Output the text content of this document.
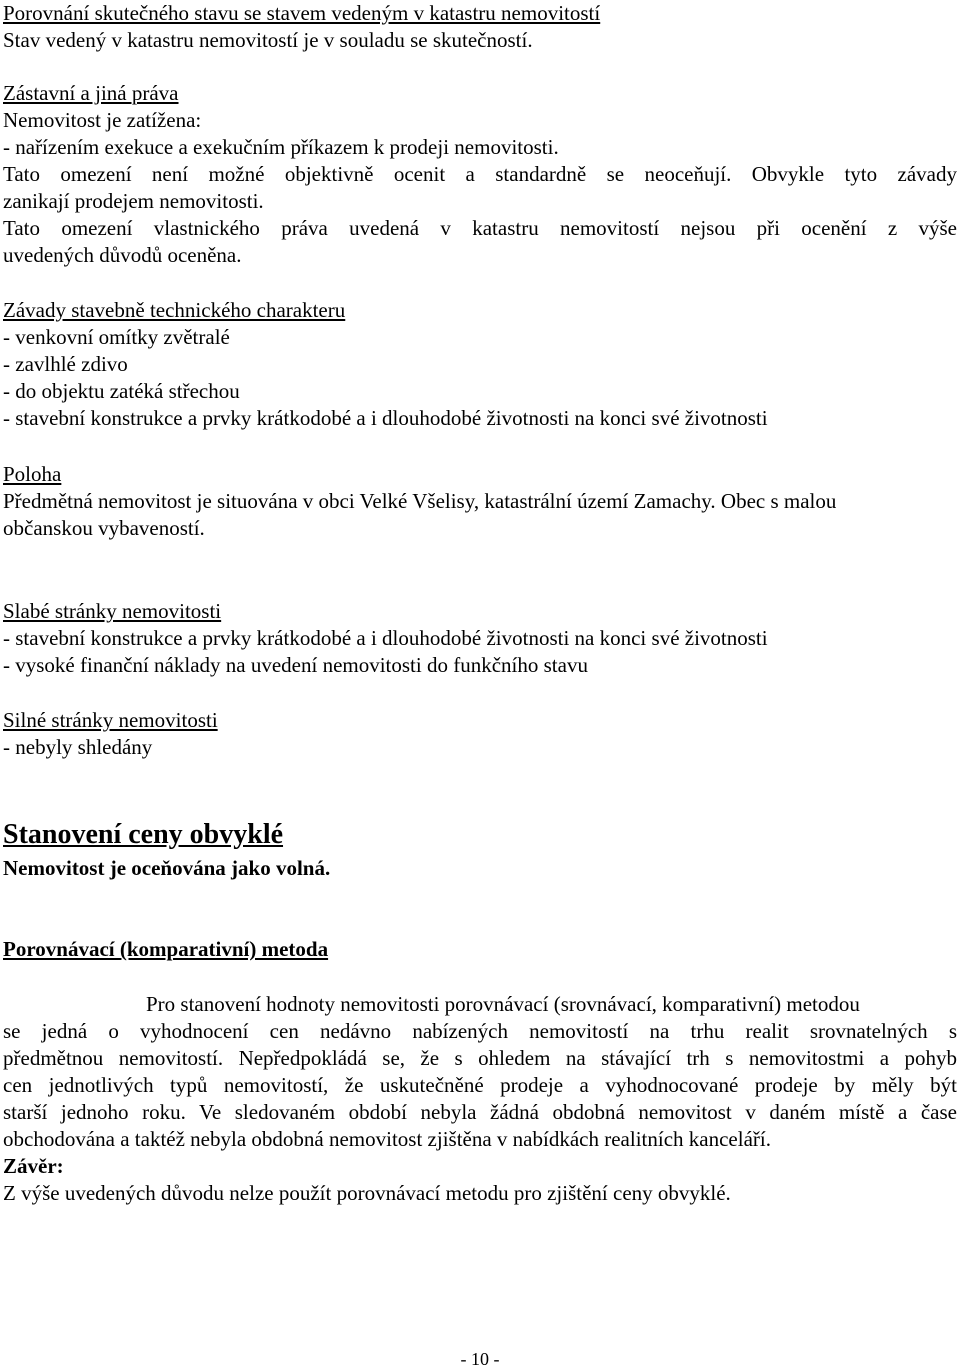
Porovnání skutečného stavu se stavem vedeným v katastru nemovitostí
Stav vedený v katastru nemovitostí je v souladu se skutečností.
Zástavní a jiná práva
Nemovitost je zatížena:
- nařízením exekuce a exekučním příkazem k prodeji nemovitosti.
Tato omezení není možné objektivně ocenit a standardně se neoceňují. Obvykle tyto závady
zanikají prodejem nemovitosti.
Tato omezení vlastnického práva uvedená v katastru nemovitostí nejsou při ocenění z výše
uvedených důvodů oceněna.
Závady stavebně technického charakteru
- venkovní omítky zvětralé
- zavlhlé zdivo
- do objektu zatéká střechou
- stavební konstrukce a prvky krátkodobé a i dlouhodobé životnosti na konci své životnosti
Poloha
Předmětná nemovitost je situována v obci Velké Všelisy, katastrální území Zamachy. Obec s malou
občanskou vybaveností.
Slabé stránky nemovitosti
- stavební konstrukce a prvky krátkodobé a i dlouhodobé životnosti na konci své životnosti
- vysoké finanční náklady na uvedení nemovitosti do funkčního stavu
Silné stránky nemovitosti
- nebyly shledány
Stanovení ceny obvyklé
Nemovitost je oceňována jako volná.
Porovnávací (komparativní) metoda
Pro stanovení hodnoty nemovitosti porovnávací (srovnávací, komparativní) metodou
se jedná o vyhodnocení cen nedávno nabízených nemovitostí na trhu realit srovnatelných s
předmětnou nemovitostí. Nepředpokládá se, že s ohledem na stávající trh s nemovitostmi a pohyb
cen jednotlivých typů nemovitostí, že uskutečněné prodeje a vyhodnocované prodeje by měly být
starší jednoho roku. Ve sledovaném období nebyla žádná obdobná nemovitost v daném místě a čase
obchodována a taktéž nebyla obdobná nemovitost zjištěna v nabídkách realitních kanceláří.
Závěr:
Z výše uvedených důvodu nelze použít porovnávací metodu pro zjištění ceny obvyklé.
- 10 -
